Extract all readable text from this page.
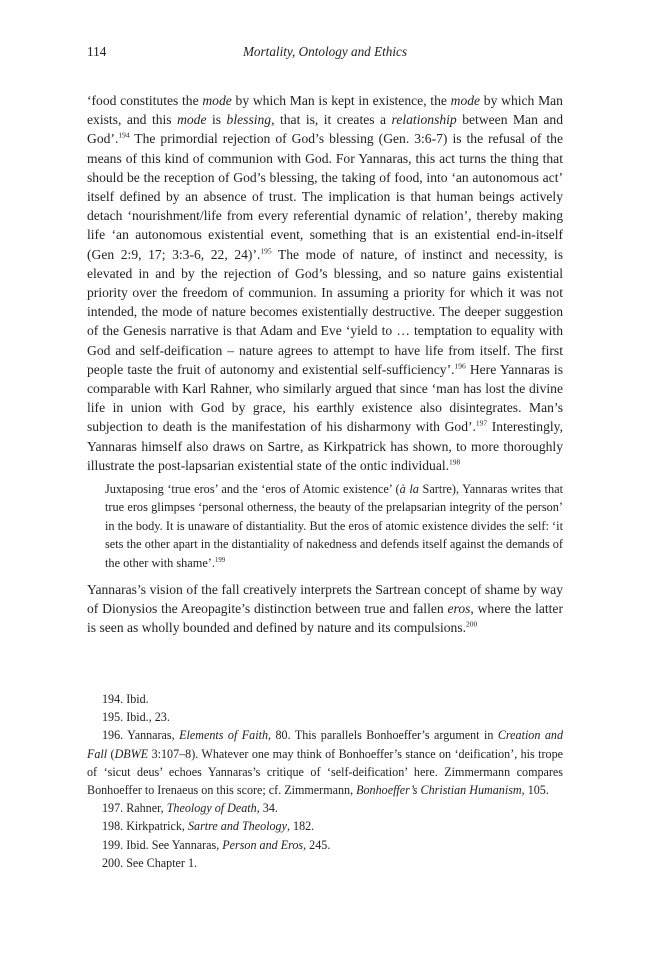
114	Mortality, Ontology and Ethics

‘food constitutes the mode by which Man is kept in existence, the mode by which Man exists, and this mode is blessing, that is, it creates a relationship between Man and God’.$^{194}$ The primordial rejection of God’s blessing (Gen. 3:6-7) is the refusal of the means of this kind of communion with God. For Yannaras, this act turns the thing that should be the reception of God’s blessing, the taking of food, into ‘an autonomous act’ itself defined by an absence of trust. The implication is that human beings actively detach ‘nourishment/life from every referential dynamic of relation’, thereby making life ‘an autonomous existential event, something that is an existential end-in-itself (Gen 2:9, 17; 3:3-6, 22, 24)’.$^{195}$ The mode of nature, of instinct and necessity, is elevated in and by the rejection of God’s blessing, and so nature gains existential priority over the freedom of communion. In assuming a priority for which it was not intended, the mode of nature becomes existentially destructive. The deeper suggestion of the Genesis narrative is that Adam and Eve ‘yield to … temptation to equality with God and self-deification – nature agrees to attempt to have life from itself. The first people taste the fruit of autonomy and existential self-sufficiency’.$^{196}$ Here Yannaras is comparable with Karl Rahner, who similarly argued that since ‘man has lost the divine life in union with God by grace, his earthly existence also disintegrates. Man’s subjection to death is the manifestation of his disharmony with God’.$^{197}$ Interestingly, Yannaras himself also draws on Sartre, as Kirkpatrick has shown, to more thoroughly illustrate the post-lapsarian existential state of the ontic individual.$^{198}$

Juxtaposing ‘true eros’ and the ‘eros of Atomic existence’ (à la Sartre), Yannaras writes that true eros glimpses ‘personal otherness, the beauty of the prelapsarian integrity of the person’ in the body. It is unaware of distantiality. But the eros of atomic existence divides the self: ‘it sets the other apart in the distantiality of nakedness and defends itself against the demands of the other with shame’.$^{199}$

Yannaras’s vision of the fall creatively interprets the Sartrean concept of shame by way of Dionysios the Areopagite’s distinction between true and fallen eros, where the latter is seen as wholly bounded and defined by nature and its compulsions.$^{200}$

194. Ibid.

195. Ibid., 23.

196. Yannaras, Elements of Faith, 80. This parallels Bonhoeffer’s argument in Creation and Fall (DBWE 3:107–8). Whatever one may think of Bonhoeffer’s stance on ‘deification’, his trope of ‘sicut deus’ echoes Yannaras’s critique of ‘self-deification’ here. Zimmermann compares Bonhoeffer to Irenaeus on this score; cf. Zimmermann, Bonhoeffer’s Christian Humanism, 105.

197. Rahner, Theology of Death, 34.

198. Kirkpatrick, Sartre and Theology, 182.

199. Ibid. See Yannaras, Person and Eros, 245.

200. See Chapter 1.
